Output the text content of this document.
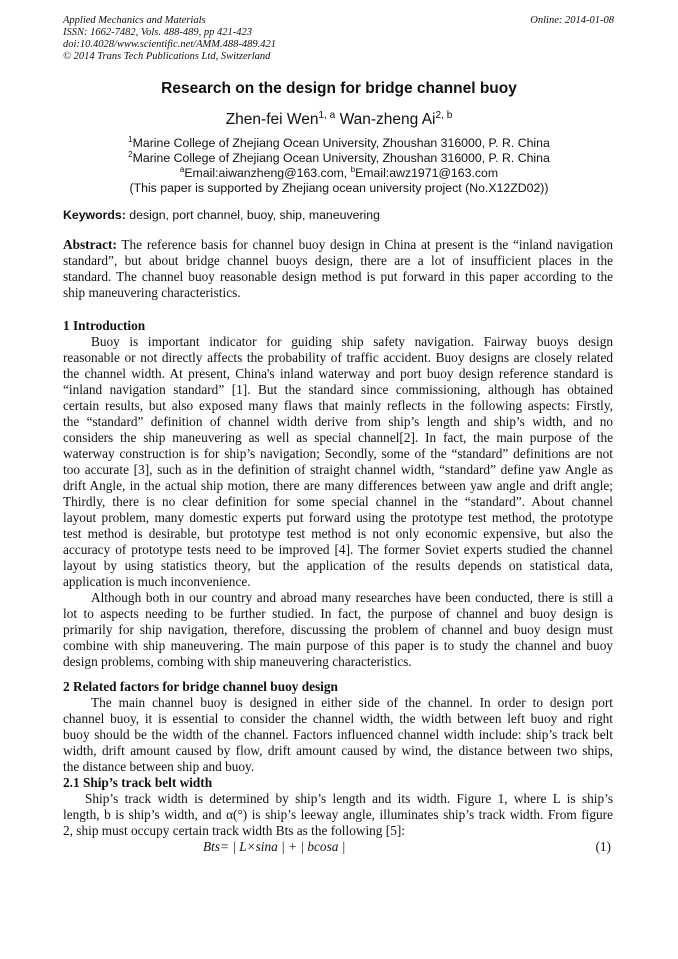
Applied Mechanics and Materials
ISSN: 1662-7482, Vols. 488-489, pp 421-423
doi:10.4028/www.scientific.net/AMM.488-489.421
© 2014 Trans Tech Publications Ltd, Switzerland
Online: 2014-01-08
Research on the design for bridge channel buoy
Zhen-fei Wen$^{1, a}$ Wan-zheng Ai$^{2, b}$
$^1$Marine College of Zhejiang Ocean University, Zhoushan 316000, P. R. China
$^2$Marine College of Zhejiang Ocean University, Zhoushan 316000, P. R. China
$^a$Email:aiwanzheng@163.com, $^b$Email:awz1971@163.com
(This paper is supported by Zhejiang ocean university project (No.X12ZD02))
Keywords: design, port channel, buoy, ship, maneuvering
Abstract: The reference basis for channel buoy design in China at present is the “inland navigation
standard”, but about bridge channel buoys design, there are a lot of insufficient places in the
standard. The channel buoy reasonable design method is put forward in this paper according to the
ship maneuvering characteristics.
1 Introduction
Buoy is important indicator for guiding ship safety navigation. Fairway buoys design
reasonable or not directly affects the probability of traffic accident. Buoy designs are closely related
the channel width. At present, China's inland waterway and port buoy design reference standard is
“inland navigation standard” [1]. But the standard since commissioning, although has obtained
certain results, but also exposed many flaws that mainly reflects in the following aspects: Firstly,
the “standard” definition of channel width derive from ship’s length and ship’s width, and no
considers the ship maneuvering as well as special channel[2]. In fact, the main purpose of the
waterway construction is for ship’s navigation; Secondly, some of the “standard” definitions are not
too accurate [3], such as in the definition of straight channel width, “standard” define yaw Angle as
drift Angle, in the actual ship motion, there are many differences between yaw angle and drift angle;
Thirdly, there is no clear definition for some special channel in the “standard”. About channel
layout problem, many domestic experts put forward using the prototype test method, the prototype
test method is desirable, but prototype test method is not only economic expensive, but also the
accuracy of prototype tests need to be improved [4]. The former Soviet experts studied the channel
layout by using statistics theory, but the application of the results depends on statistical data,
application is much inconvenience.
Although both in our country and abroad many researches have been conducted, there is still a
lot to aspects needing to be further studied. In fact, the purpose of channel and buoy design is
primarily for ship navigation, therefore, discussing the problem of channel and buoy design must
combine with ship maneuvering. The main purpose of this paper is to study the channel and buoy
design problems, combing with ship maneuvering characteristics.
2 Related factors for bridge channel buoy design
The main channel buoy is designed in either side of the channel. In order to design port
channel buoy, it is essential to consider the channel width, the width between left buoy and right
buoy should be the width of the channel. Factors influenced channel width include: ship’s track belt
width, drift amount caused by flow, drift amount caused by wind, the distance between two ships,
the distance between ship and buoy.
2.1 Ship’s track belt width
Ship’s track width is determined by ship’s length and its width. Figure 1, where L is ship’s
length, b is ship’s width, and α(°) is ship’s leeway angle, illuminates ship’s track width. From figure
2, ship must occupy certain track width Bts as the following [5]:
Bts= | L×sina | + | bcosa |	(1)
